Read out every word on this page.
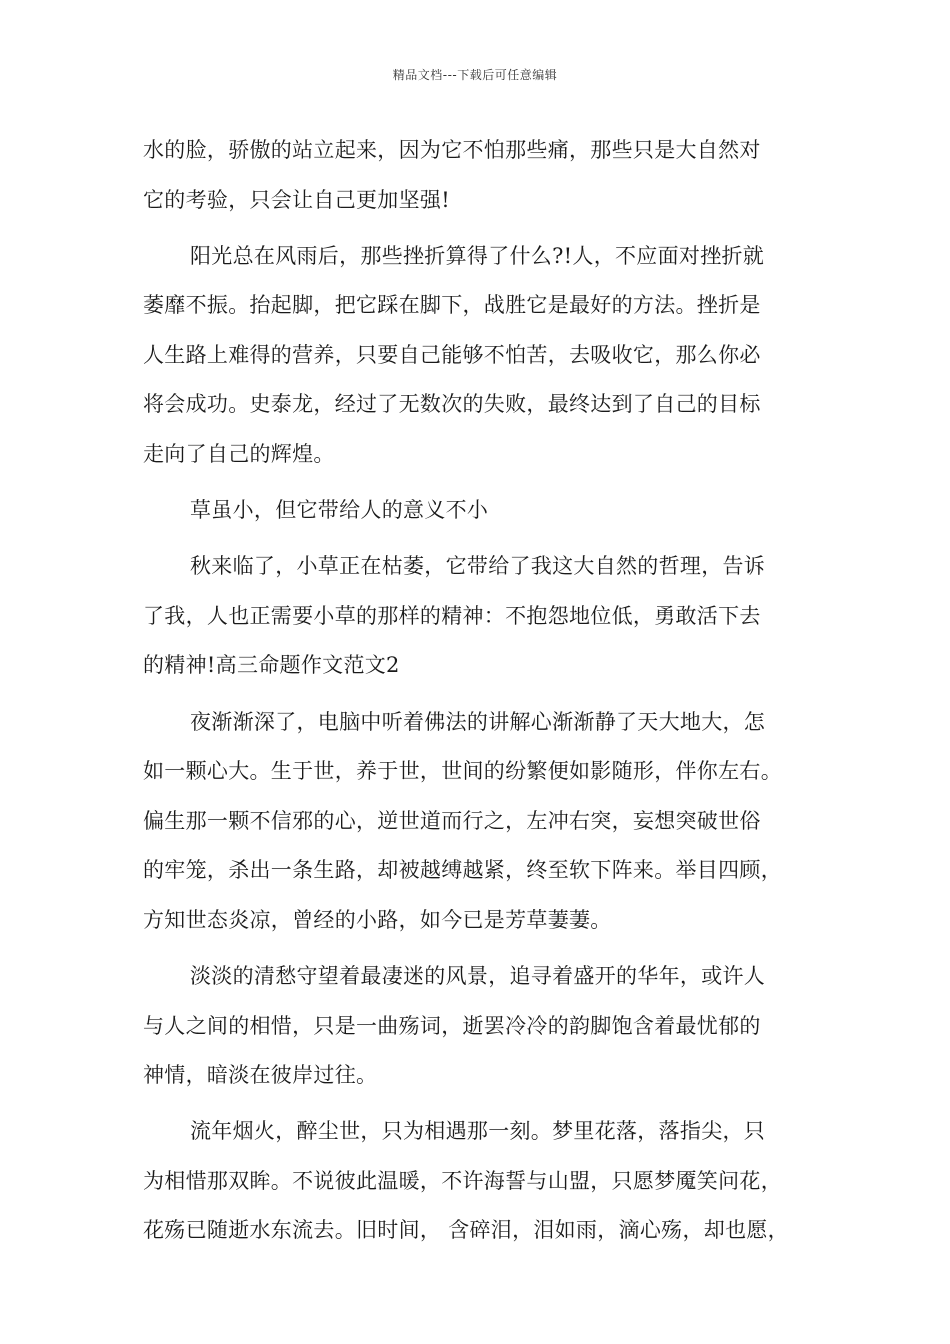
精品文档---下载后可任意编辑
水的脸，骄傲的站立起来，因为它不怕那些痛，那些只是大自然对
它的考验，只会让自己更加坚强!
阳光总在风雨后，那些挫折算得了什么?!人，不应面对挫折就
萎靡不振。抬起脚，把它踩在脚下，战胜它是最好的方法。挫折是
人生路上难得的营养，只要自己能够不怕苦，去吸收它，那么你必
将会成功。史泰龙，经过了无数次的失败，最终达到了自己的目标
走向了自己的辉煌。
草虽小，但它带给人的意义不小
秋来临了，小草正在枯萎，它带给了我这大自然的哲理，告诉
了我，人也正需要小草的那样的精神：不抱怨地位低，勇敢活下去
的精神!高三命题作文范文2
夜渐渐深了，电脑中听着佛法的讲解心渐渐静了天大地大，怎
如一颗心大。生于世，养于世，世间的纷繁便如影随形，伴你左右。
偏生那一颗不信邪的心，逆世道而行之，左冲右突，妄想突破世俗
的牢笼，杀出一条生路，却被越缚越紧，终至软下阵来。举目四顾，
方知世态炎凉，曾经的小路，如今已是芳草萋萋。
淡淡的清愁守望着最凄迷的风景，追寻着盛开的华年，或许人
与人之间的相惜，只是一曲殇词，逝罢冷冷的韵脚饱含着最忧郁的
神情，暗淡在彼岸过往。
流年烟火，醉尘世，只为相遇那一刻。梦里花落，落指尖，只
为相惜那双眸。不说彼此温暖，不许海誓与山盟，只愿梦魇笑问花，
花殇已随逝水东流去。旧时间， 含碎泪，泪如雨，滴心殇，却也愿，
